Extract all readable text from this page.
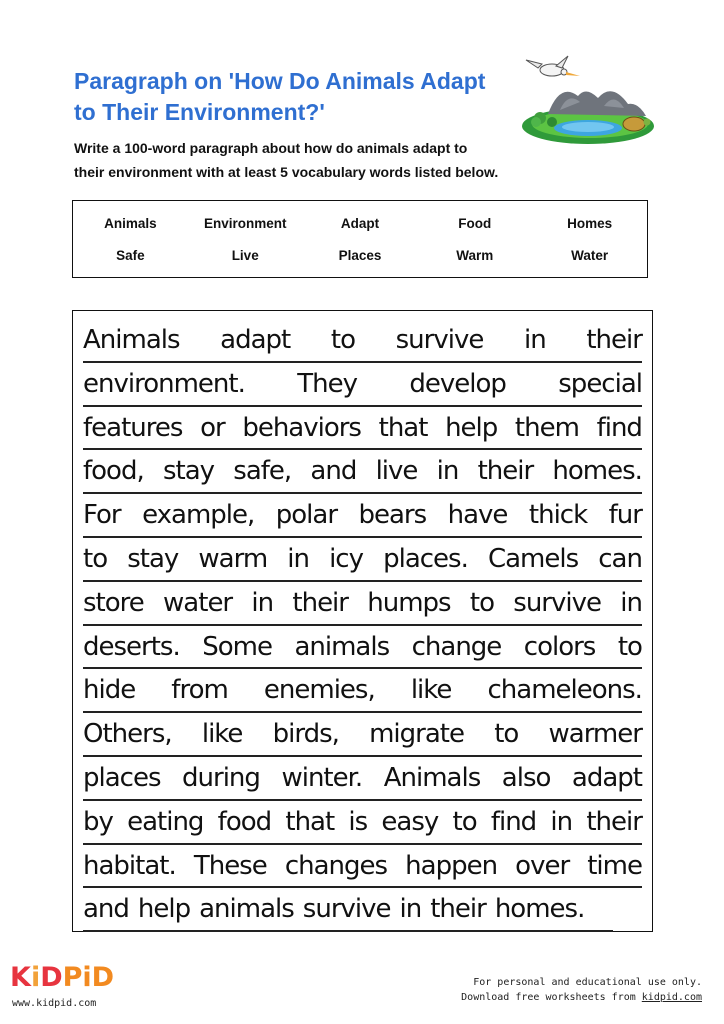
Paragraph on 'How Do Animals Adapt
to Their Environment?'

Write a 100-word paragraph about how do animals adapt to
their environment with at least 5 vocabulary words listed below.

Animals	Environment	Adapt	Food	Homes
Safe	Live	Places	Warm	Water
Animals adapt to survive in their
environment. They develop special
features or behaviors that help them find
food, stay safe, and live in their homes.
For example, polar bears have thick fur
to stay warm in icy places. Camels can
store water in their humps to survive in
deserts. Some animals change colors to
hide from enemies, like chameleons.
Others, like birds, migrate to warmer
places during winter. Animals also adapt
by eating food that is easy to find in their
habitat. These changes happen over time
and help animals survive in their homes.
KiDPiD
www.kidpid.com
For personal and educational use only.
Download free worksheets from kidpid.com
